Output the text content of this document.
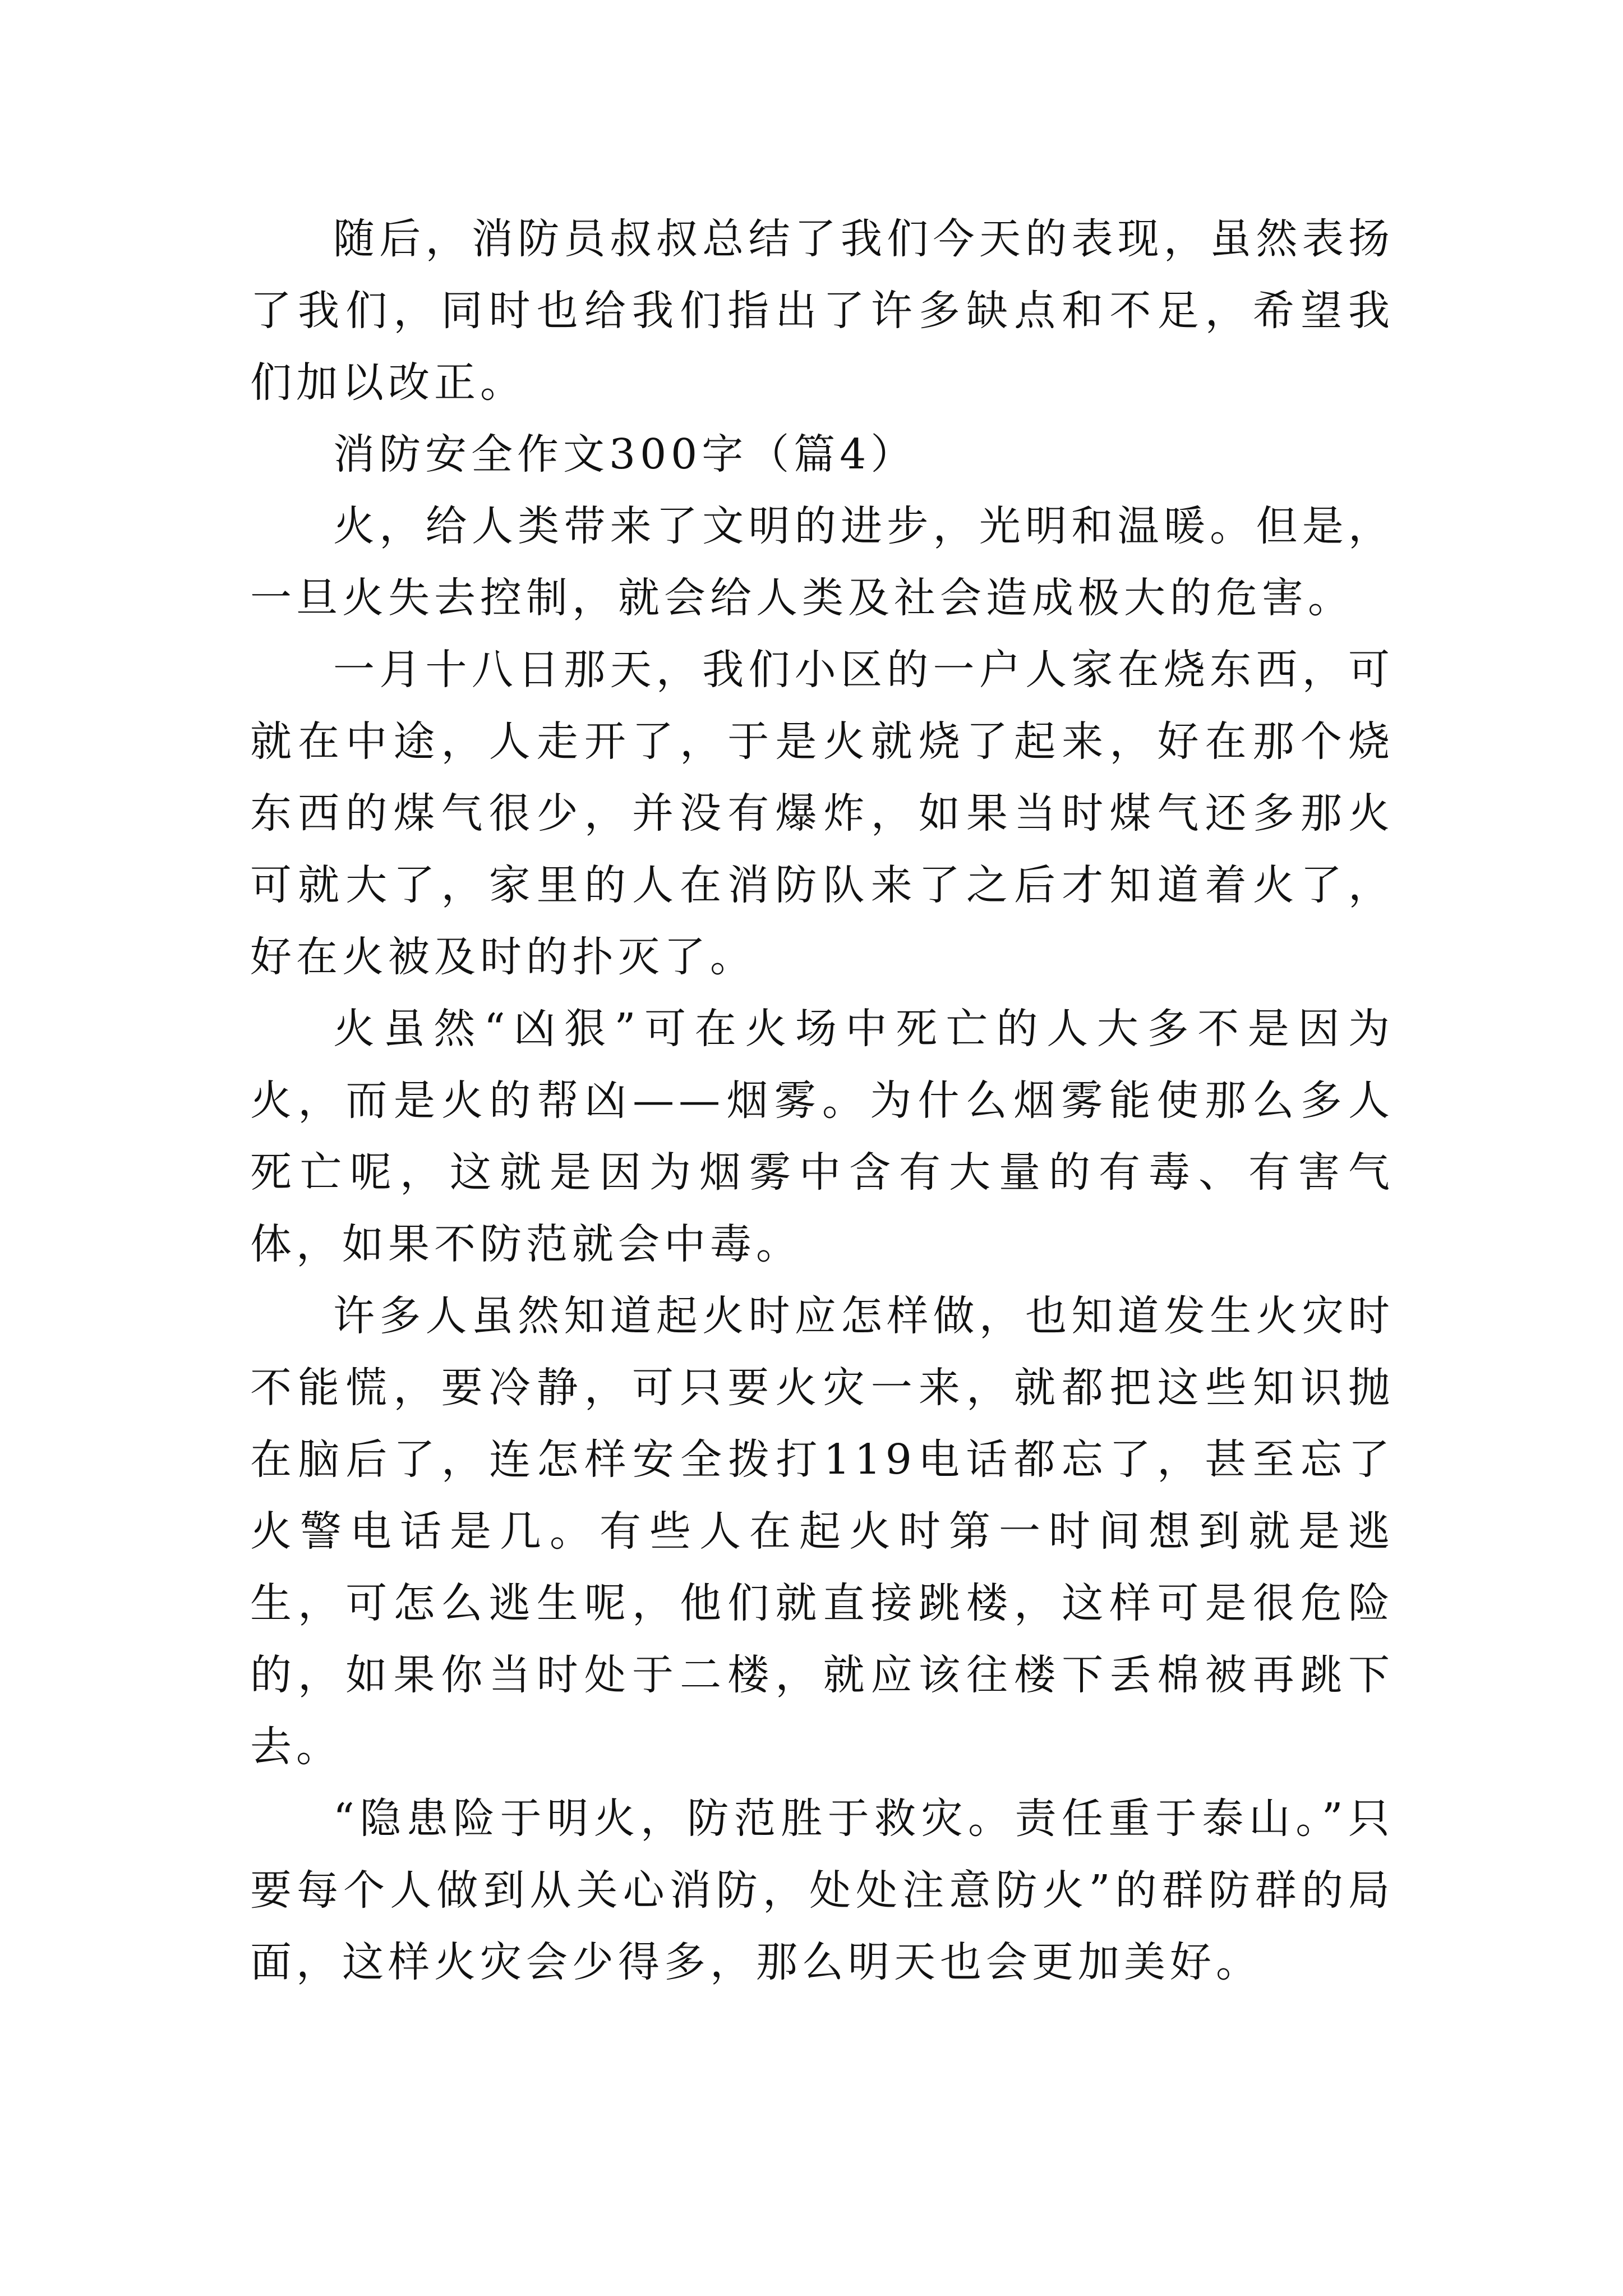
随后，消防员叔叔总结了我们今天的表现，虽然表扬了我们，同时也给我们指出了许多缺点和不足，希望我们加以改正。

消防安全作文300字（篇4）

火，给人类带来了文明的进步，光明和温暖。但是，一旦火失去控制，就会给人类及社会造成极大的危害。

一月十八日那天，我们小区的一户人家在烧东西，可就在中途，人走开了，于是火就烧了起来，好在那个烧东西的煤气很少，并没有爆炸，如果当时煤气还多那火可就大了，家里的人在消防队来了之后才知道着火了，好在火被及时的扑灭了。

火虽然“凶狠”可在火场中死亡的人大多不是因为火，而是火的帮凶——烟雾。为什么烟雾能使那么多人死亡呢，这就是因为烟雾中含有大量的有毒、有害气体，如果不防范就会中毒。

许多人虽然知道起火时应怎样做，也知道发生火灾时不能慌，要冷静，可只要火灾一来，就都把这些知识抛在脑后了，连怎样安全拨打119电话都忘了，甚至忘了火警电话是几。有些人在起火时第一时间想到就是逃生，可怎么逃生呢，他们就直接跳楼，这样可是很危险的，如果你当时处于二楼，就应该往楼下丢棉被再跳下去。

“隐患险于明火，防范胜于救灾。责任重于泰山。”只要每个人做到从关心消防，处处注意防火”的群防群的局面，这样火灾会少得多，那么明天也会更加美好。
